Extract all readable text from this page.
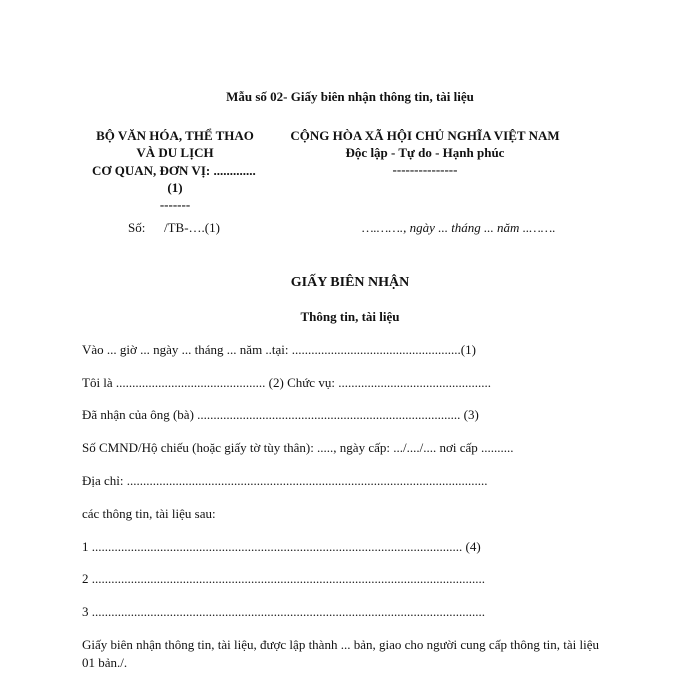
Mẫu số 02- Giấy biên nhận thông tin, tài liệu
BỘ VĂN HÓA, THỂ THAO
VÀ DU LỊCH
CƠ QUAN, ĐƠN VỊ: .............
(1)
-------
CỘNG HÒA XÃ HỘI CHỦ NGHĨA VIỆT NAM
Độc lập - Tự do - Hạnh phúc
---------------
Số: /TB-….(1)	….……., ngày ... tháng ... năm ..…….
GIẤY BIÊN NHẬN
Thông tin, tài liệu
Vào ... giờ ... ngày ... tháng ... năm ..tại: ....................................................(1)
Tôi là .............................................. (2) Chức vụ: ...............................................
Đã nhận của ông (bà) ................................................................................. (3)
Số CMND/Hộ chiếu (hoặc giấy tờ tùy thân): ....., ngày cấp: .../..../.... nơi cấp ..........
Địa chỉ: ...............................................................................................................
các thông tin, tài liệu sau:
1 .................................................................................................................. (4)
2 .........................................................................................................................
3 .........................................................................................................................
Giấy biên nhận thông tin, tài liệu, được lập thành ... bản, giao cho người cung cấp thông tin, tài liệu 01 bản./.
